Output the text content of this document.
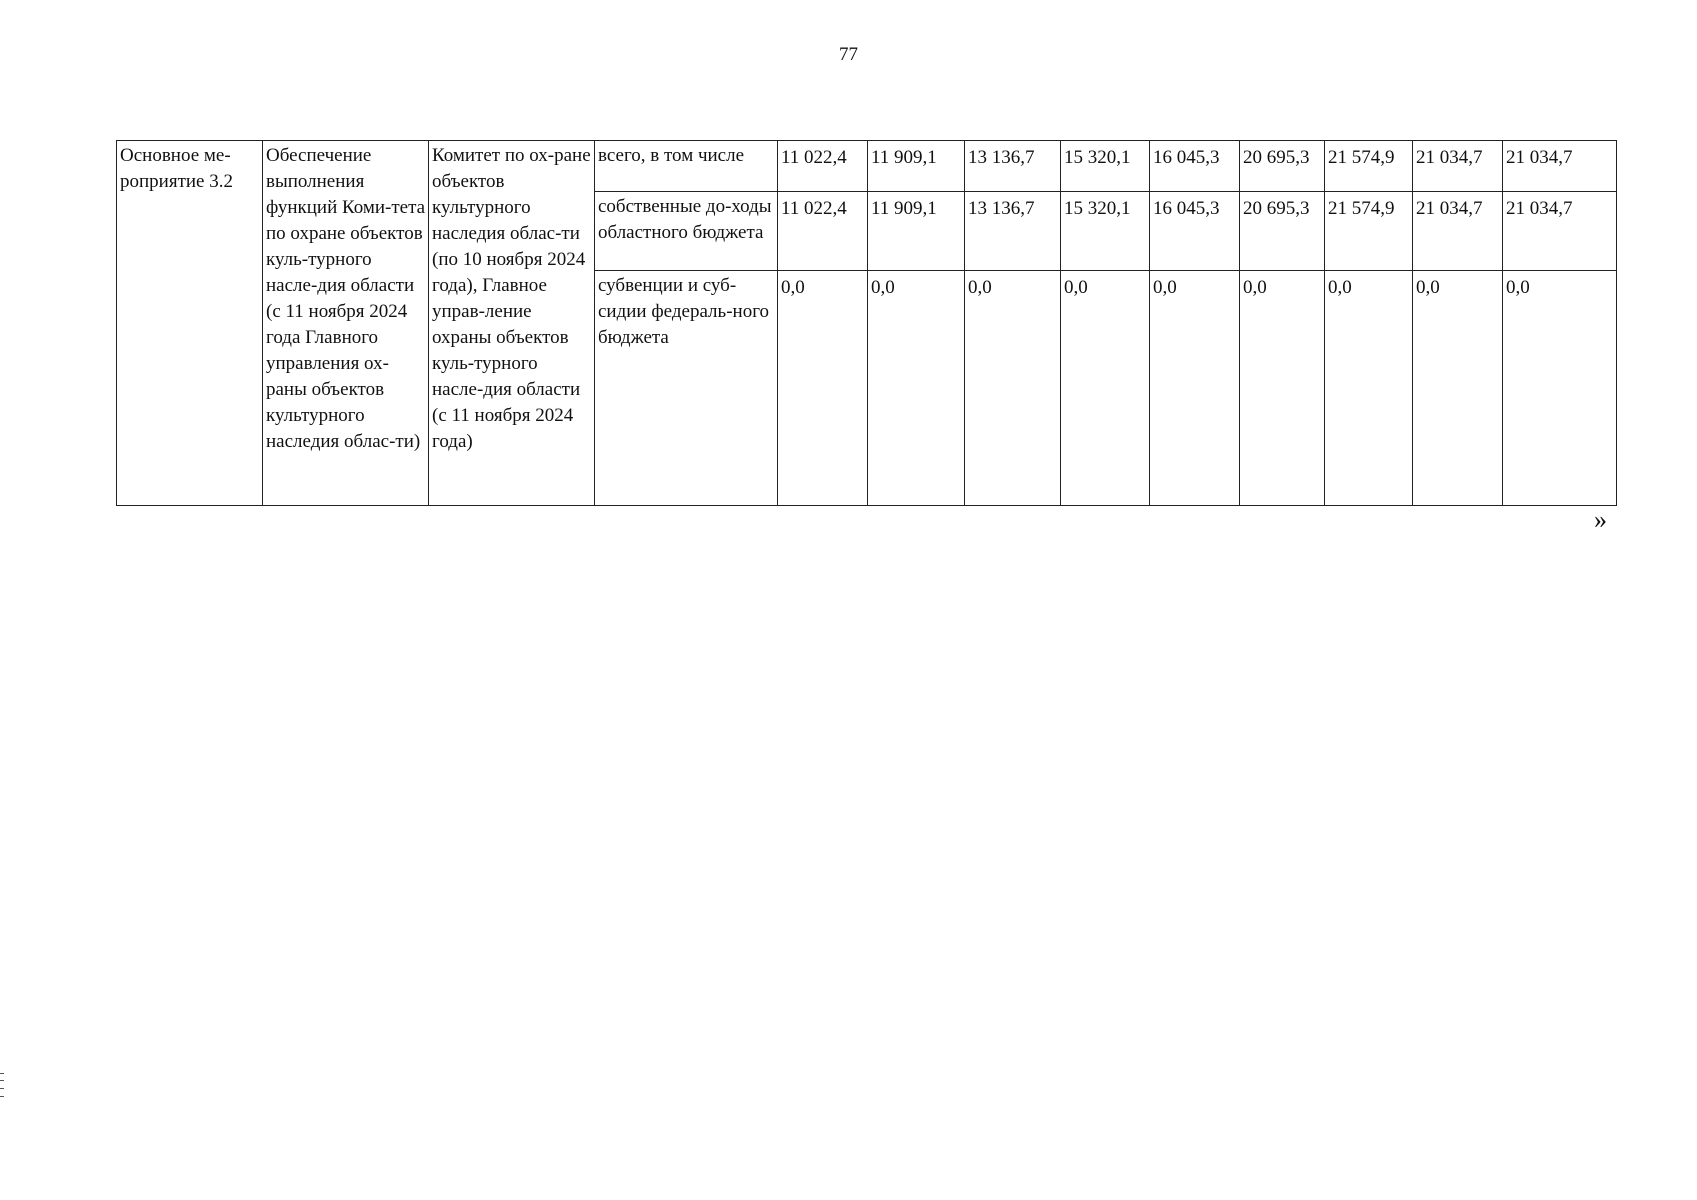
77
Основное ме-роприятие 3.2	Обеспечение выполнения функций Коми-тета по охране объектов куль-турного насле-дия области (с 11 ноября 2024 года Главного управления ох-раны объектов культурного наследия облас-ти)	Комитет по ох-ране объектов культурного наследия облас-ти (по 10 ноября 2024 года), Главное управ-ление охраны объектов куль-турного насле-дия области (с 11 ноября 2024 года)	всего, в том числе	11 022,4	11 909,1	13 136,7	15 320,1	16 045,3	20 695,3	21 574,9	21 034,7	21 034,7
			собственные до-ходы областного бюджета	11 022,4	11 909,1	13 136,7	15 320,1	16 045,3	20 695,3	21 574,9	21 034,7	21 034,7
			субвенции и суб-сидии федераль-ного бюджета	0,0	0,0	0,0	0,0	0,0	0,0	0,0	0,0	0,0
»
